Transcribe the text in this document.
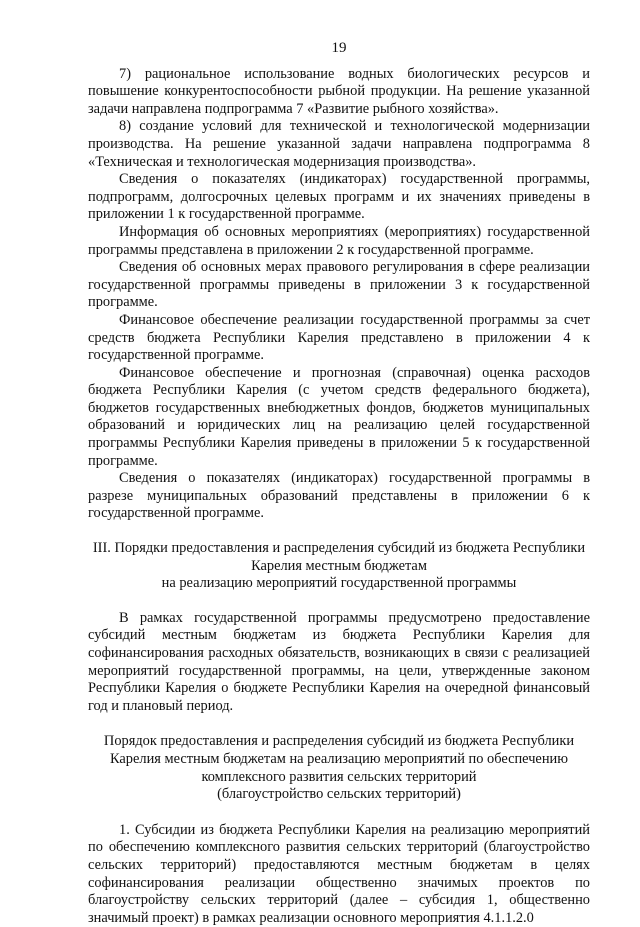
19

7) рациональное использование водных биологических ресурсов и повышение конкурентоспособности рыбной продукции. На решение указанной задачи направлена подпрограмма 7 «Развитие рыбного хозяйства».

8) создание условий для технической и технологической модернизации производства. На решение указанной задачи направлена подпрограмма 8 «Техническая и технологическая модернизация производства».

Сведения о показателях (индикаторах) государственной программы, подпрограмм, долгосрочных целевых программ и их значениях приведены в приложении 1 к государственной программе.

Информация об основных мероприятиях (мероприятиях) государственной программы представлена в приложении 2 к государственной программе.

Сведения об основных мерах правового регулирования в сфере реализации государственной программы приведены в приложении 3 к государственной программе.

Финансовое обеспечение реализации государственной программы за счет средств бюджета Республики Карелия представлено в приложении 4 к государственной программе.

Финансовое обеспечение и прогнозная (справочная) оценка расходов бюджета Республики Карелия (с учетом средств федерального бюджета), бюджетов государственных внебюджетных фондов, бюджетов муниципальных образований и юридических лиц на реализацию целей государственной программы Республики Карелия приведены в приложении 5 к государственной программе.

Сведения о показателях (индикаторах) государственной программы в разрезе муниципальных образований представлены в приложении 6 к государственной программе.

III. Порядки предоставления и распределения субсидий из бюджета Республики

Карелия местным бюджетам

на реализацию мероприятий государственной программы

В рамках государственной программы предусмотрено предоставление субсидий местным бюджетам из бюджета Республики Карелия для софинансирования расходных обязательств, возникающих в связи с реализацией мероприятий государственной программы, на цели, утвержденные законом Республики Карелия о бюджете Республики Карелия на очередной финансовый год и плановый период.

Порядок предоставления и распределения субсидий из бюджета Республики

Карелия местным бюджетам на реализацию мероприятий по обеспечению

комплексного развития сельских территорий

(благоустройство сельских территорий)

1. Субсидии из бюджета Республики Карелия на реализацию мероприятий по обеспечению комплексного развития сельских территорий (благоустройство сельских территорий) предоставляются местным бюджетам в целях софинансирования реализации общественно значимых проектов по благоустройству сельских территорий (далее – субсидия 1, общественно значимый проект) в рамках реализации основного мероприятия 4.1.1.2.0
